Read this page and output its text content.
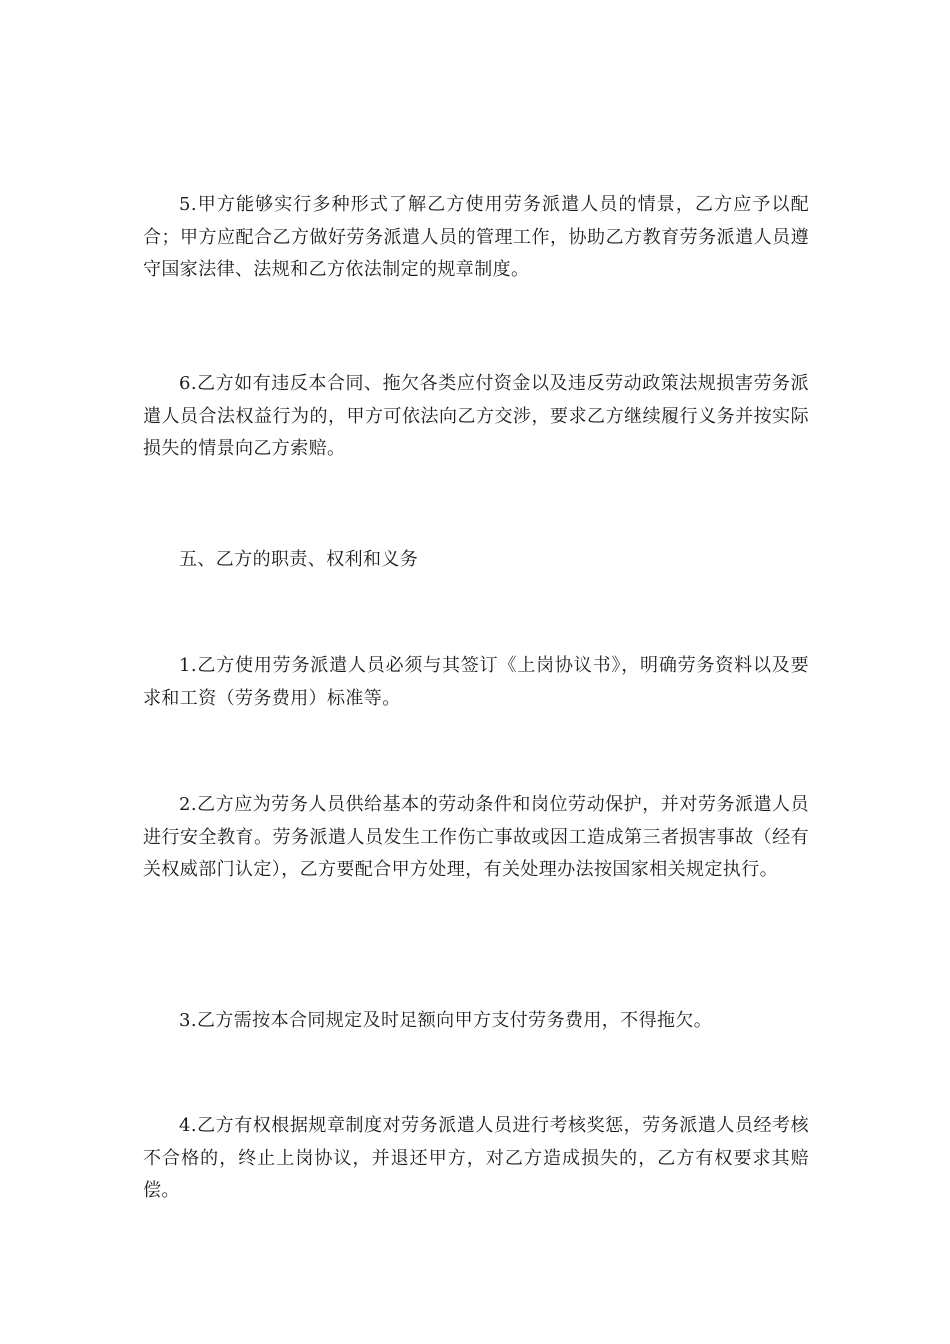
5.甲方能够实行多种形式了解乙方使用劳务派遣人员的情景，乙方应予以配合；甲方应配合乙方做好劳务派遣人员的管理工作，协助乙方教育劳务派遣人员遵守国家法律、法规和乙方依法制定的规章制度。

6.乙方如有违反本合同、拖欠各类应付资金以及违反劳动政策法规损害劳务派遣人员合法权益行为的，甲方可依法向乙方交涉，要求乙方继续履行义务并按实际损失的情景向乙方索赔。

五、乙方的职责、权利和义务

1.乙方使用劳务派遣人员必须与其签订《上岗协议书》，明确劳务资料以及要求和工资（劳务费用）标准等。

2.乙方应为劳务人员供给基本的劳动条件和岗位劳动保护，并对劳务派遣人员进行安全教育。劳务派遣人员发生工作伤亡事故或因工造成第三者损害事故（经有关权威部门认定），乙方要配合甲方处理，有关处理办法按国家相关规定执行。

3.乙方需按本合同规定及时足额向甲方支付劳务费用，不得拖欠。

4.乙方有权根据规章制度对劳务派遣人员进行考核奖惩，劳务派遣人员经考核不合格的，终止上岗协议，并退还甲方，对乙方造成损失的，乙方有权要求其赔偿。
